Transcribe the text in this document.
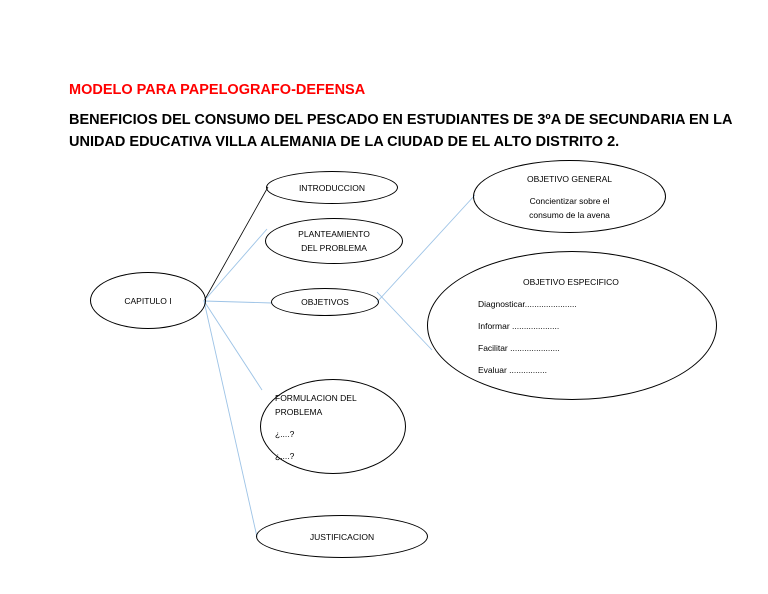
MODELO PARA PAPELOGRAFO-DEFENSA
BENEFICIOS DEL CONSUMO DEL PESCADO EN ESTUDIANTES DE 3ºA DE SECUNDARIA EN LA
UNIDAD EDUCATIVA VILLA ALEMANIA DE LA CIUDAD DE EL ALTO DISTRITO 2.
CAPITULO I
INTRODUCCION
PLANTEAMIENTO
DEL PROBLEMA
OBJETIVOS
FORMULACION DEL
PROBLEMA
¿....?
¿....?
JUSTIFICACION
OBJETIVO GENERAL
Concientizar sobre el
consumo de la avena
OBJETIVO ESPECIFICO
Diagnosticar......................
Informar ....................
Facilitar .....................
Evaluar ................
